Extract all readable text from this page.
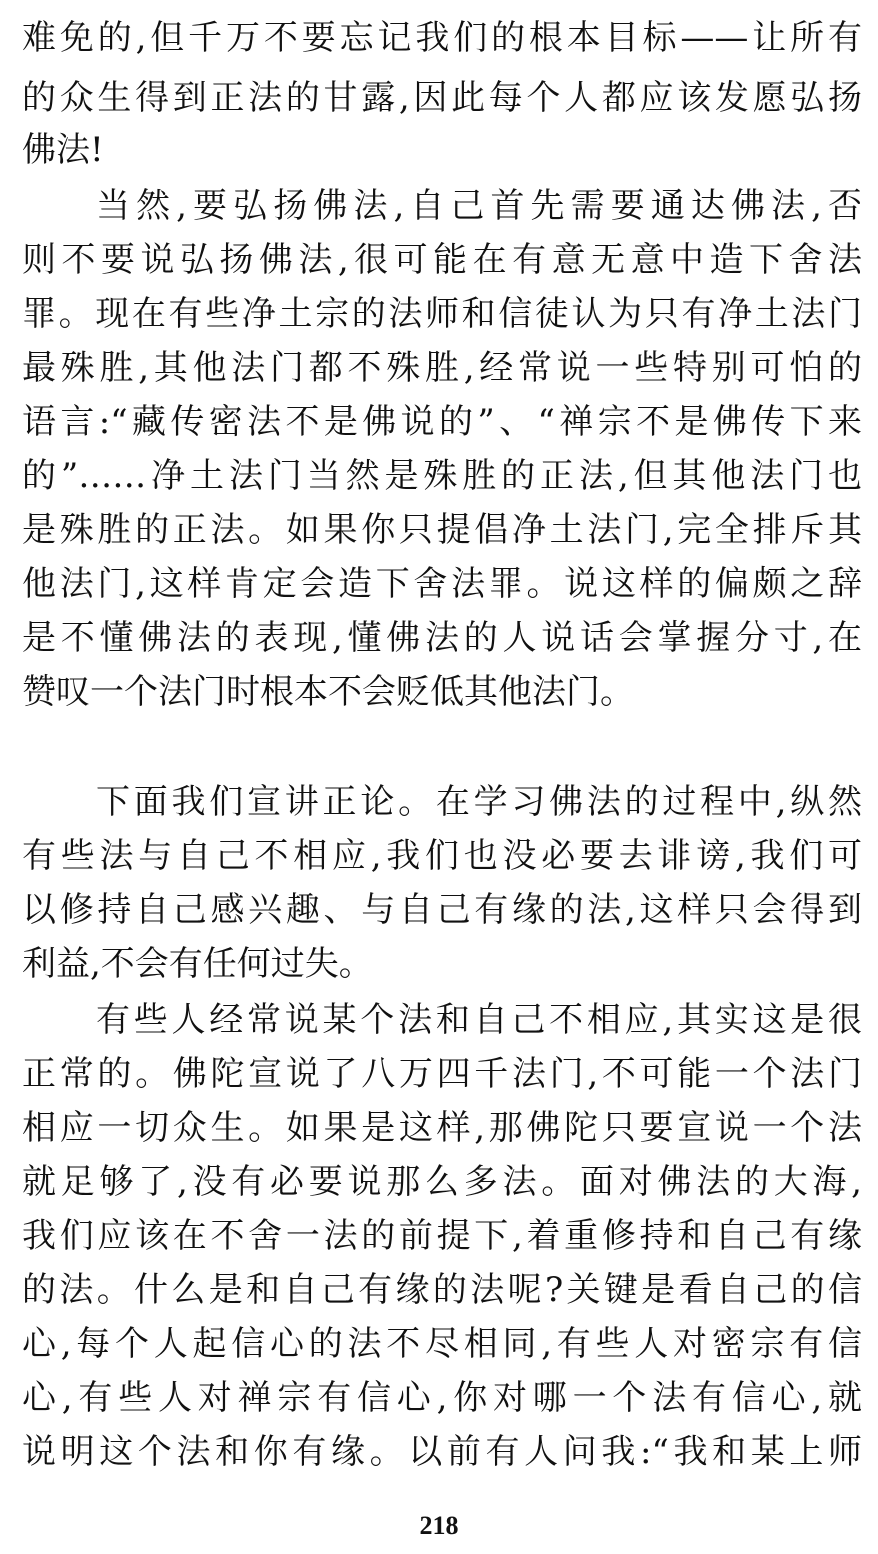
难免的,但千万不要忘记我们的根本目标——让所有
的众生得到正法的甘露,因此每个人都应该发愿弘扬
佛法!
当然,要弘扬佛法,自己首先需要通达佛法,否
则不要说弘扬佛法,很可能在有意无意中造下舍法
罪。现在有些净土宗的法师和信徒认为只有净土法门
最殊胜,其他法门都不殊胜,经常说一些特别可怕的
语言:“藏传密法不是佛说的”、“禅宗不是佛传下来
的”……净土法门当然是殊胜的正法,但其他法门也
是殊胜的正法。如果你只提倡净土法门,完全排斥其
他法门,这样肯定会造下舍法罪。说这样的偏颇之辞
是不懂佛法的表现,懂佛法的人说话会掌握分寸,在
赞叹一个法门时根本不会贬低其他法门。
下面我们宣讲正论。在学习佛法的过程中,纵然
有些法与自己不相应,我们也没必要去诽谤,我们可
以修持自己感兴趣、与自己有缘的法,这样只会得到
利益,不会有任何过失。
有些人经常说某个法和自己不相应,其实这是很
正常的。佛陀宣说了八万四千法门,不可能一个法门
相应一切众生。如果是这样,那佛陀只要宣说一个法
就足够了,没有必要说那么多法。面对佛法的大海,
我们应该在不舍一法的前提下,着重修持和自己有缘
的法。什么是和自己有缘的法呢?关键是看自己的信
心,每个人起信心的法不尽相同,有些人对密宗有信
心,有些人对禅宗有信心,你对哪一个法有信心,就
说明这个法和你有缘。以前有人问我:“我和某上师
218
